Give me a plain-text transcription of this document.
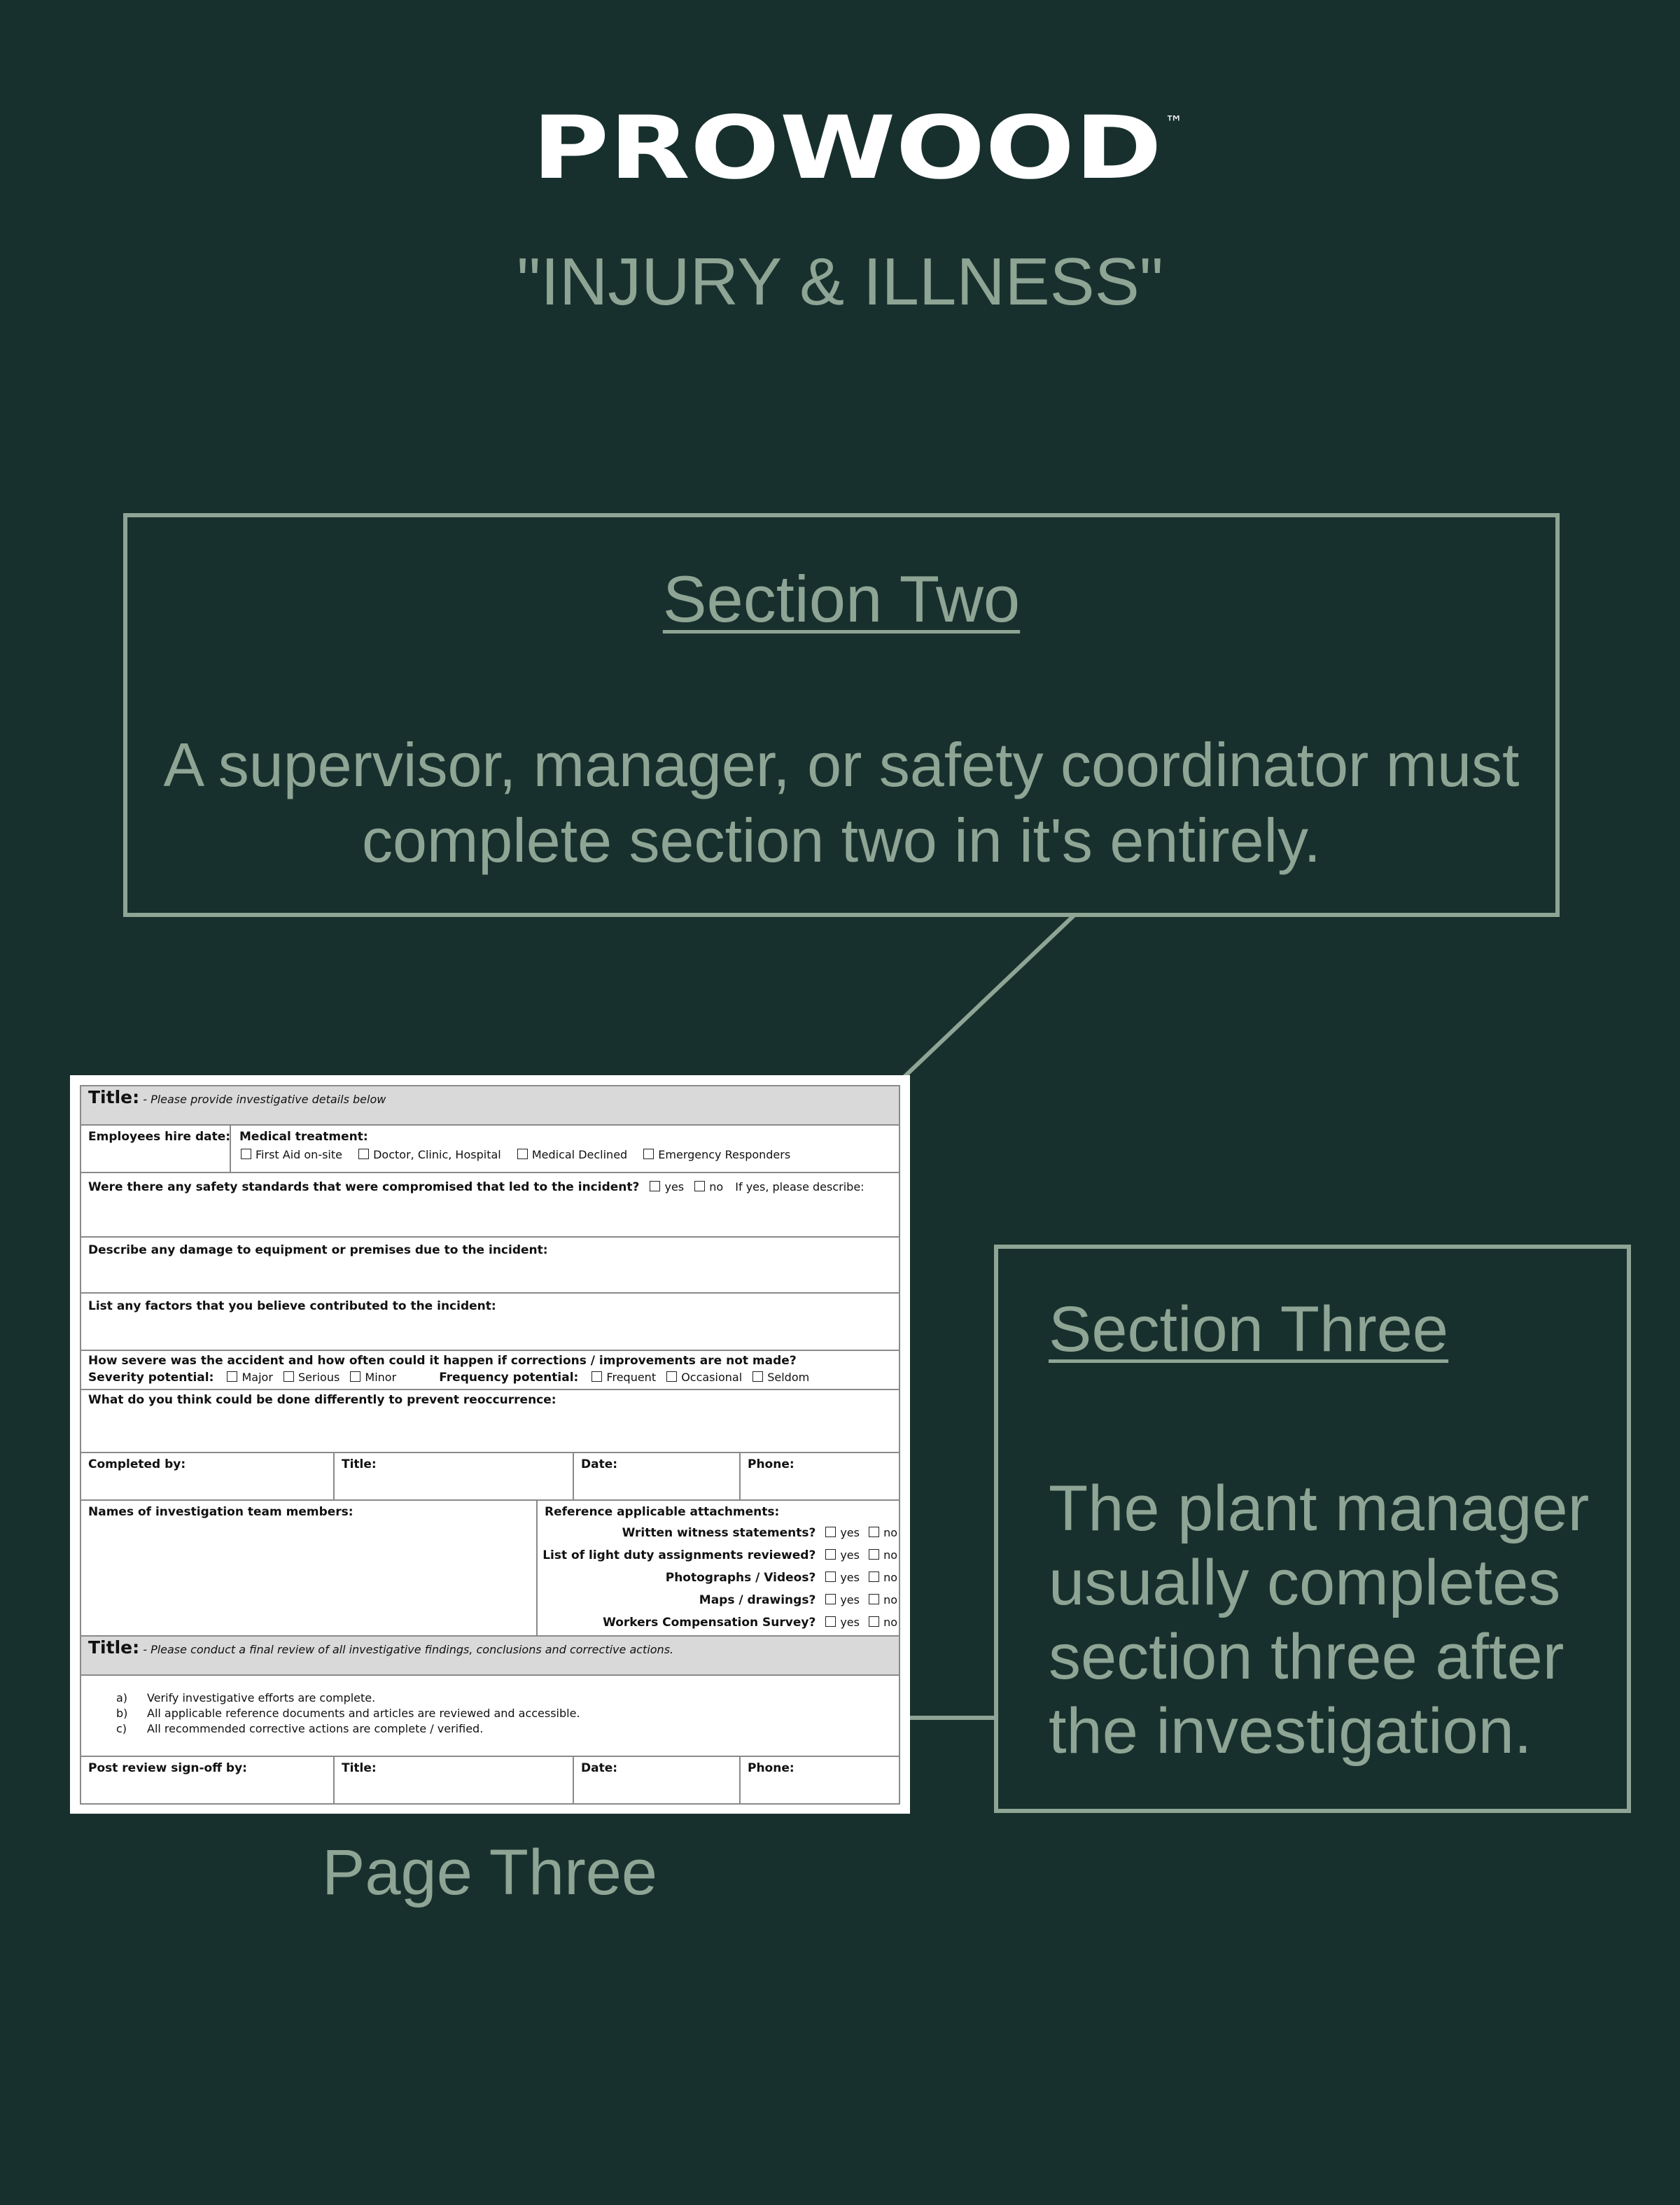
PROWOOD ™
"INJURY & ILLNESS"
Section Two
A supervisor, manager, or safety coordinator must complete section two in it's entirely.
Section Three
The plant manager usually completes section three after the investigation.
Title: - Please provide investigative details below
Employees hire date: Medical treatment:
First Aid on-site	Doctor, Clinic, Hospital	Medical Declined	Emergency Responders
Were there any safety standards that were compromised that led to the incident? yes no If yes, please describe:
Describe any damage to equipment or premises due to the incident:
List any factors that you believe contributed to the incident:
How severe was the accident and how often could it happen if corrections / improvements are not made?
Severity potential:	Major Serious Minor	Frequency potential:	Frequent Occasional Seldom
What do you think could be done differently to prevent reoccurrence:
Completed by:	Title:	Date:	Phone:
Names of investigation team members:	Reference applicable attachments:
Written witness statements? yes no
List of light duty assignments reviewed? yes no
Photographs / Videos? yes no
Maps / drawings? yes no
Workers Compensation Survey? yes no
Title: - Please conduct a final review of all investigative findings, conclusions and corrective actions.
a) Verify investigative efforts are complete.
b) All applicable reference documents and articles are reviewed and accessible.
c) All recommended corrective actions are complete / verified.
Post review sign-off by:	Title:	Date:	Phone:
Page Three
